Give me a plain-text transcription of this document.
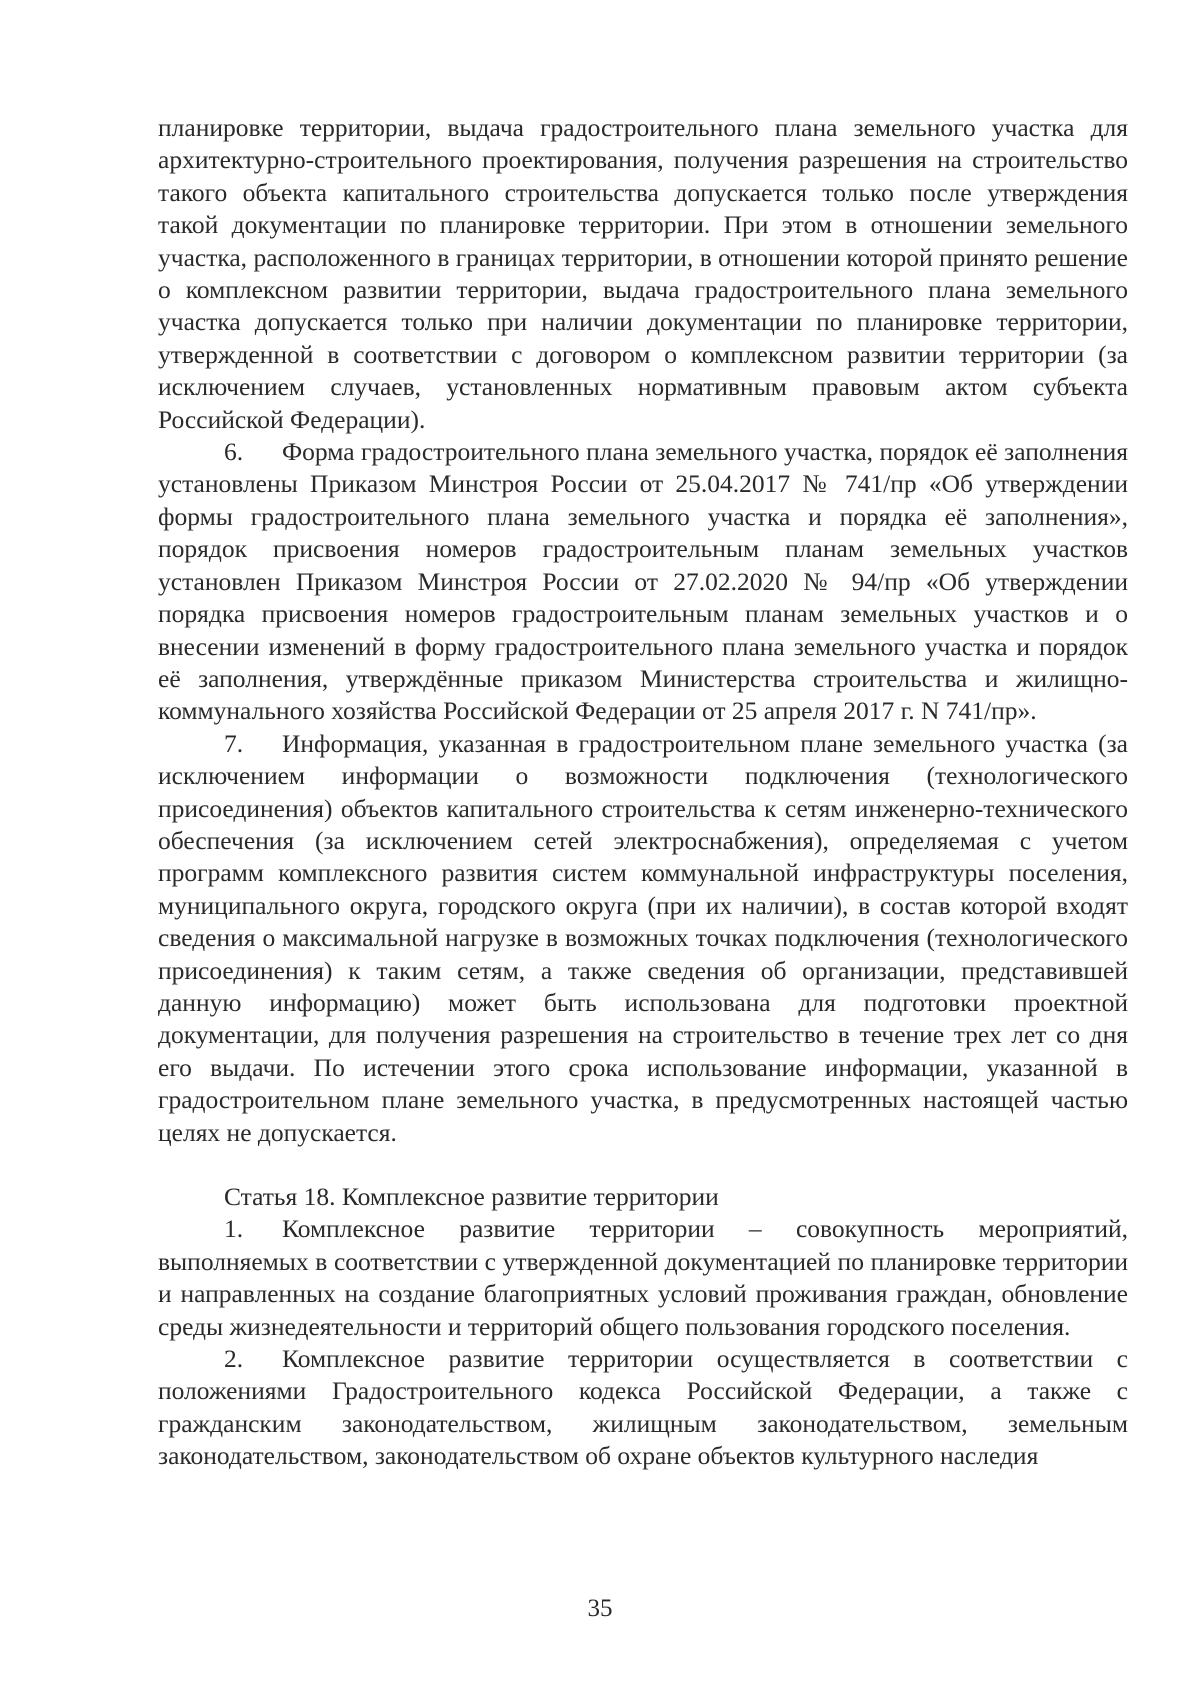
планировке территории, выдача градостроительного плана земельного участка для архитектурно-строительного проектирования, получения разрешения на строительство такого объекта капитального строительства допускается только после утверждения такой документации по планировке территории. При этом в отношении земельного участка, расположенного в границах территории, в отношении которой принято решение о комплексном развитии территории, выдача градостроительного плана земельного участка допускается только при наличии документации по планировке территории, утвержденной в соответствии с договором о комплексном развитии территории (за исключением случаев, установленных нормативным правовым актом субъекта Российской Федерации).

6. Форма градостроительного плана земельного участка, порядок её заполнения установлены Приказом Минстроя России от 25.04.2017 № 741/пр «Об утверждении формы градостроительного плана земельного участка и порядка её заполнения», порядок присвоения номеров градостроительным планам земельных участков установлен Приказом Минстроя России от 27.02.2020 № 94/пр «Об утверждении порядка присвоения номеров градостроительным планам земельных участков и о внесении изменений в форму градостроительного плана земельного участка и порядок её заполнения, утверждённые приказом Министерства строительства и жилищно-коммунального хозяйства Российской Федерации от 25 апреля 2017 г. N 741/пр».

7. Информация, указанная в градостроительном плане земельного участка (за исключением информации о возможности подключения (технологического присоединения) объектов капитального строительства к сетям инженерно-технического обеспечения (за исключением сетей электроснабжения), определяемая с учетом программ комплексного развития систем коммунальной инфраструктуры поселения, муниципального округа, городского округа (при их наличии), в состав которой входят сведения о максимальной нагрузке в возможных точках подключения (технологического присоединения) к таким сетям, а также сведения об организации, представившей данную информацию) может быть использована для подготовки проектной документации, для получения разрешения на строительство в течение трех лет со дня его выдачи. По истечении этого срока использование информации, указанной в градостроительном плане земельного участка, в предусмотренных настоящей частью целях не допускается.

Статья 18. Комплексное развитие территории

1. Комплексное развитие территории – совокупность мероприятий, выполняемых в соответствии с утвержденной документацией по планировке территории и направленных на создание благоприятных условий проживания граждан, обновление среды жизнедеятельности и территорий общего пользования городского поселения.

2. Комплексное развитие территории осуществляется в соответствии с положениями Градостроительного кодекса Российской Федерации, а также с гражданским законодательством, жилищным законодательством, земельным законодательством, законодательством об охране объектов культурного наследия

35
